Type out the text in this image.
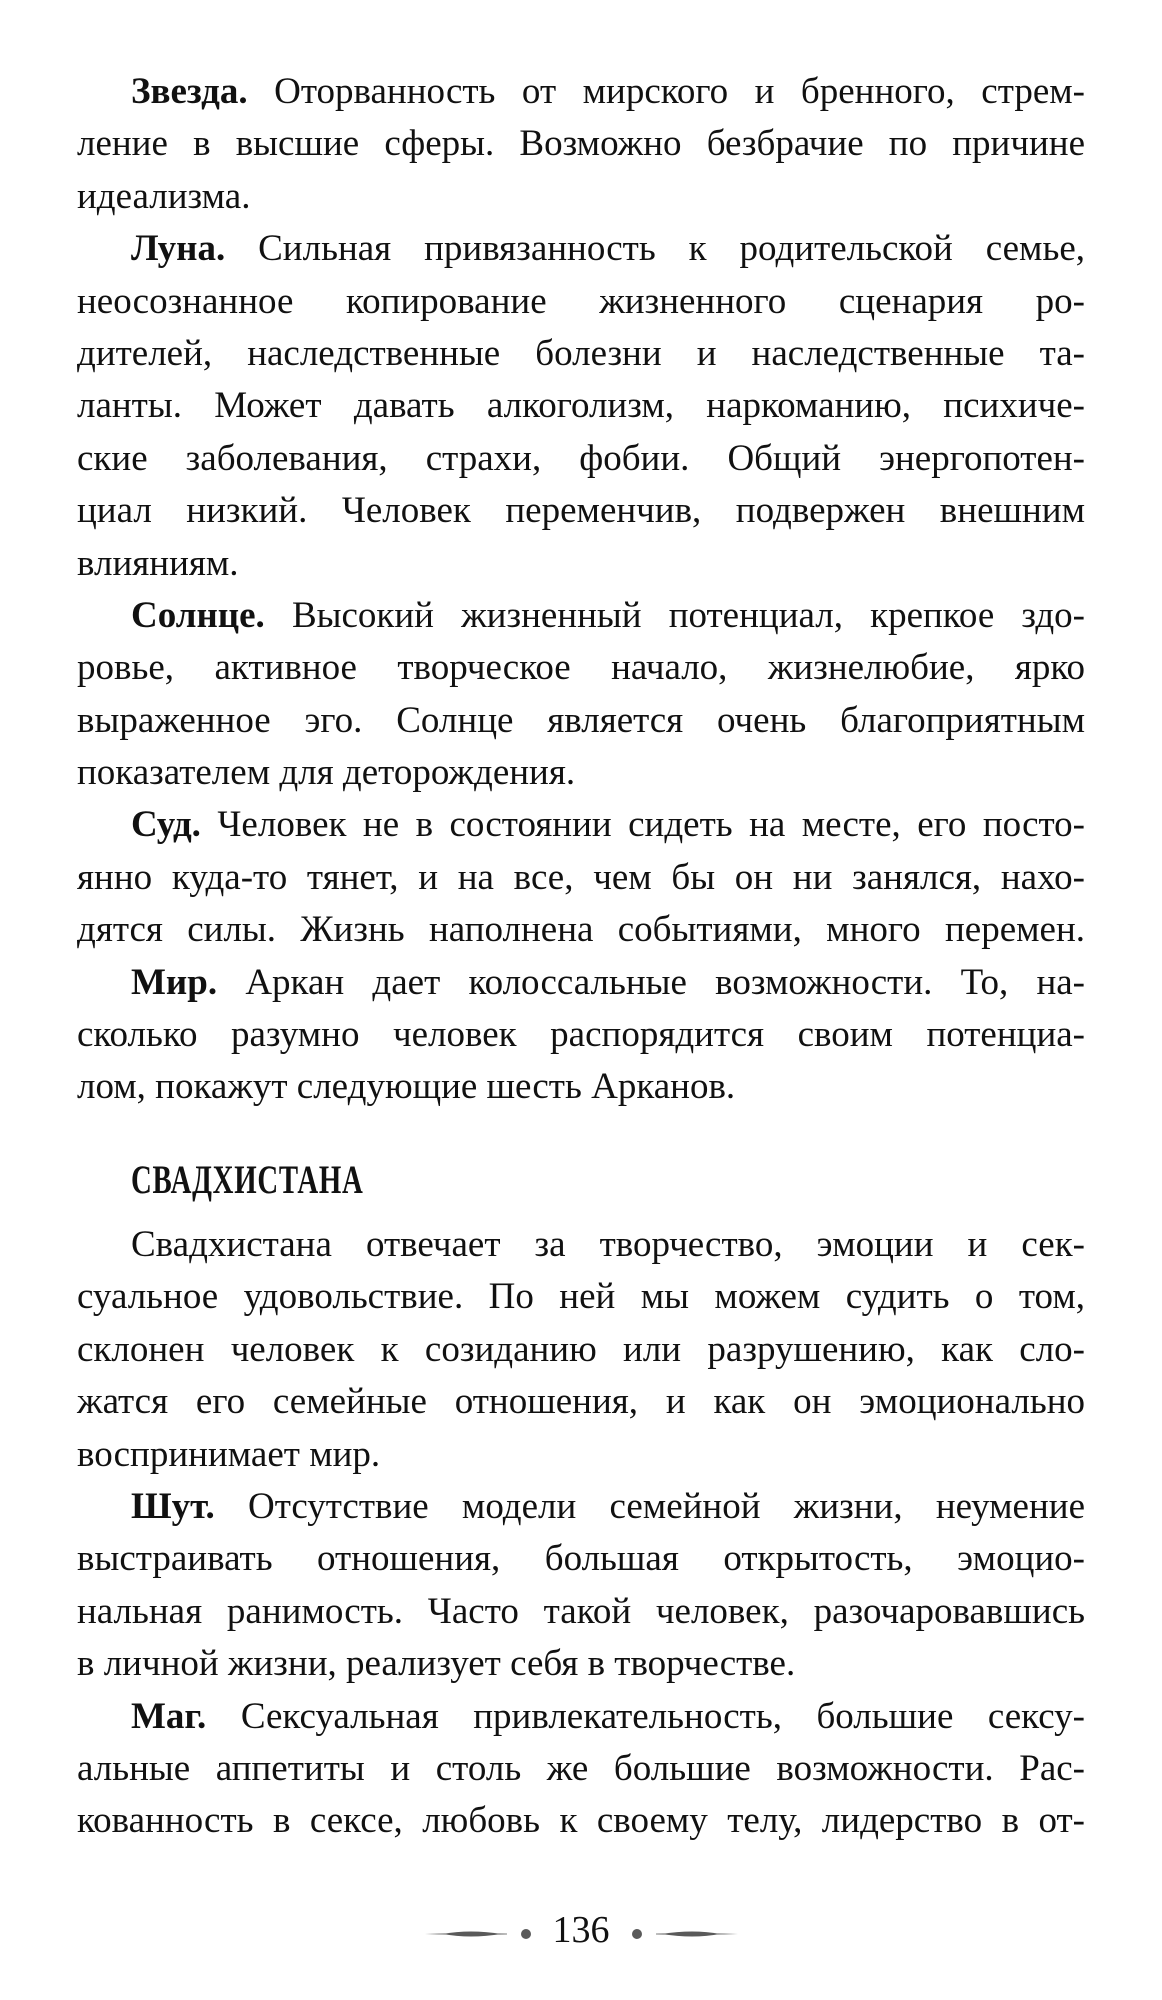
Звезда. Оторванность от мирского и бренного, стрем-
ление в высшие сферы. Возможно безбрачие по причине
идеализма.
Луна. Сильная привязанность к родительской семье,
неосознанное копирование жизненного сценария ро-
дителей, наследственные болезни и наследственные та-
ланты. Может давать алкоголизм, наркоманию, психиче-
ские заболевания, страхи, фобии. Общий энергопотен-
циал низкий. Человек переменчив, подвержен внешним
влияниям.
Солнце. Высокий жизненный потенциал, крепкое здо-
ровье, активное творческое начало, жизнелюбие, ярко
выраженное эго. Солнце является очень благоприятным
показателем для деторождения.
Суд. Человек не в состоянии сидеть на месте, его посто-
янно куда-то тянет, и на все, чем бы он ни занялся, нахо-
дятся силы. Жизнь наполнена событиями, много перемен.
Мир. Аркан дает колоссальные возможности. То, на-
сколько разумно человек распорядится своим потенциа-
лом, покажут следующие шесть Арканов.
СВАДХИСТАНА
Свадхистана отвечает за творчество, эмоции и сек-
суальное удовольствие. По ней мы можем судить о том,
склонен человек к созиданию или разрушению, как сло-
жатся его семейные отношения, и как он эмоционально
воспринимает мир.
Шут. Отсутствие модели семейной жизни, неумение
выстраивать отношения, большая открытость, эмоцио-
нальная ранимость. Часто такой человек, разочаровавшись
в личной жизни, реализует себя в творчестве.
Маг. Сексуальная привлекательность, большие сексу-
альные аппетиты и столь же большие возможности. Рас-
кованность в сексе, любовь к своему телу, лидерство в от-
136
